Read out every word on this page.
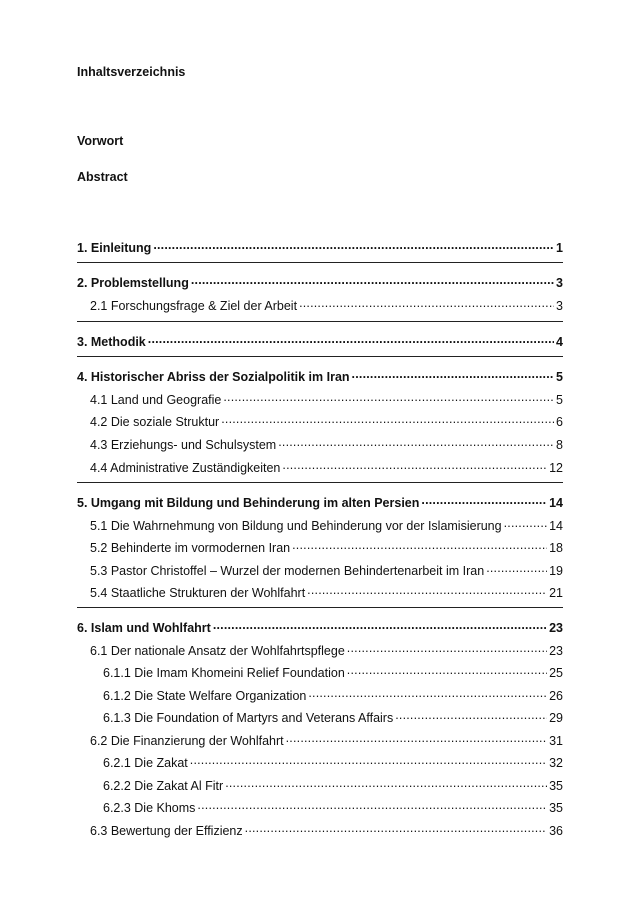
Inhaltsverzeichnis
Vorwort
Abstract
1. Einleitung .....	1
2. Problemstellung .....	3
2.1 Forschungsfrage & Ziel der Arbeit .....	3
3. Methodik .....	4
4. Historischer Abriss der Sozialpolitik im Iran .....	5
4.1 Land und Geografie .....	5
4.2 Die soziale Struktur .....	6
4.3 Erziehungs- und Schulsystem .....	8
4.4 Administrative Zuständigkeiten .....	12
5. Umgang mit Bildung und Behinderung im alten Persien .....	14
5.1 Die Wahrnehmung von Bildung und Behinderung vor der Islamisierung .....	14
5.2 Behinderte im vormodernen Iran .....	18
5.3 Pastor Christoffel – Wurzel der modernen Behindertenarbeit im Iran .....	19
5.4 Staatliche Strukturen der Wohlfahrt .....	21
6. Islam und Wohlfahrt .....	23
6.1 Der nationale Ansatz der Wohlfahrtspflege .....	23
6.1.1 Die Imam Khomeini Relief Foundation .....	25
6.1.2 Die State Welfare Organization .....	26
6.1.3 Die Foundation of Martyrs and Veterans Affairs .....	29
6.2 Die Finanzierung der Wohlfahrt .....	31
6.2.1 Die Zakat .....	32
6.2.2 Die Zakat Al Fitr .....	35
6.2.3 Die Khoms .....	35
6.3 Bewertung der Effizienz .....	36
